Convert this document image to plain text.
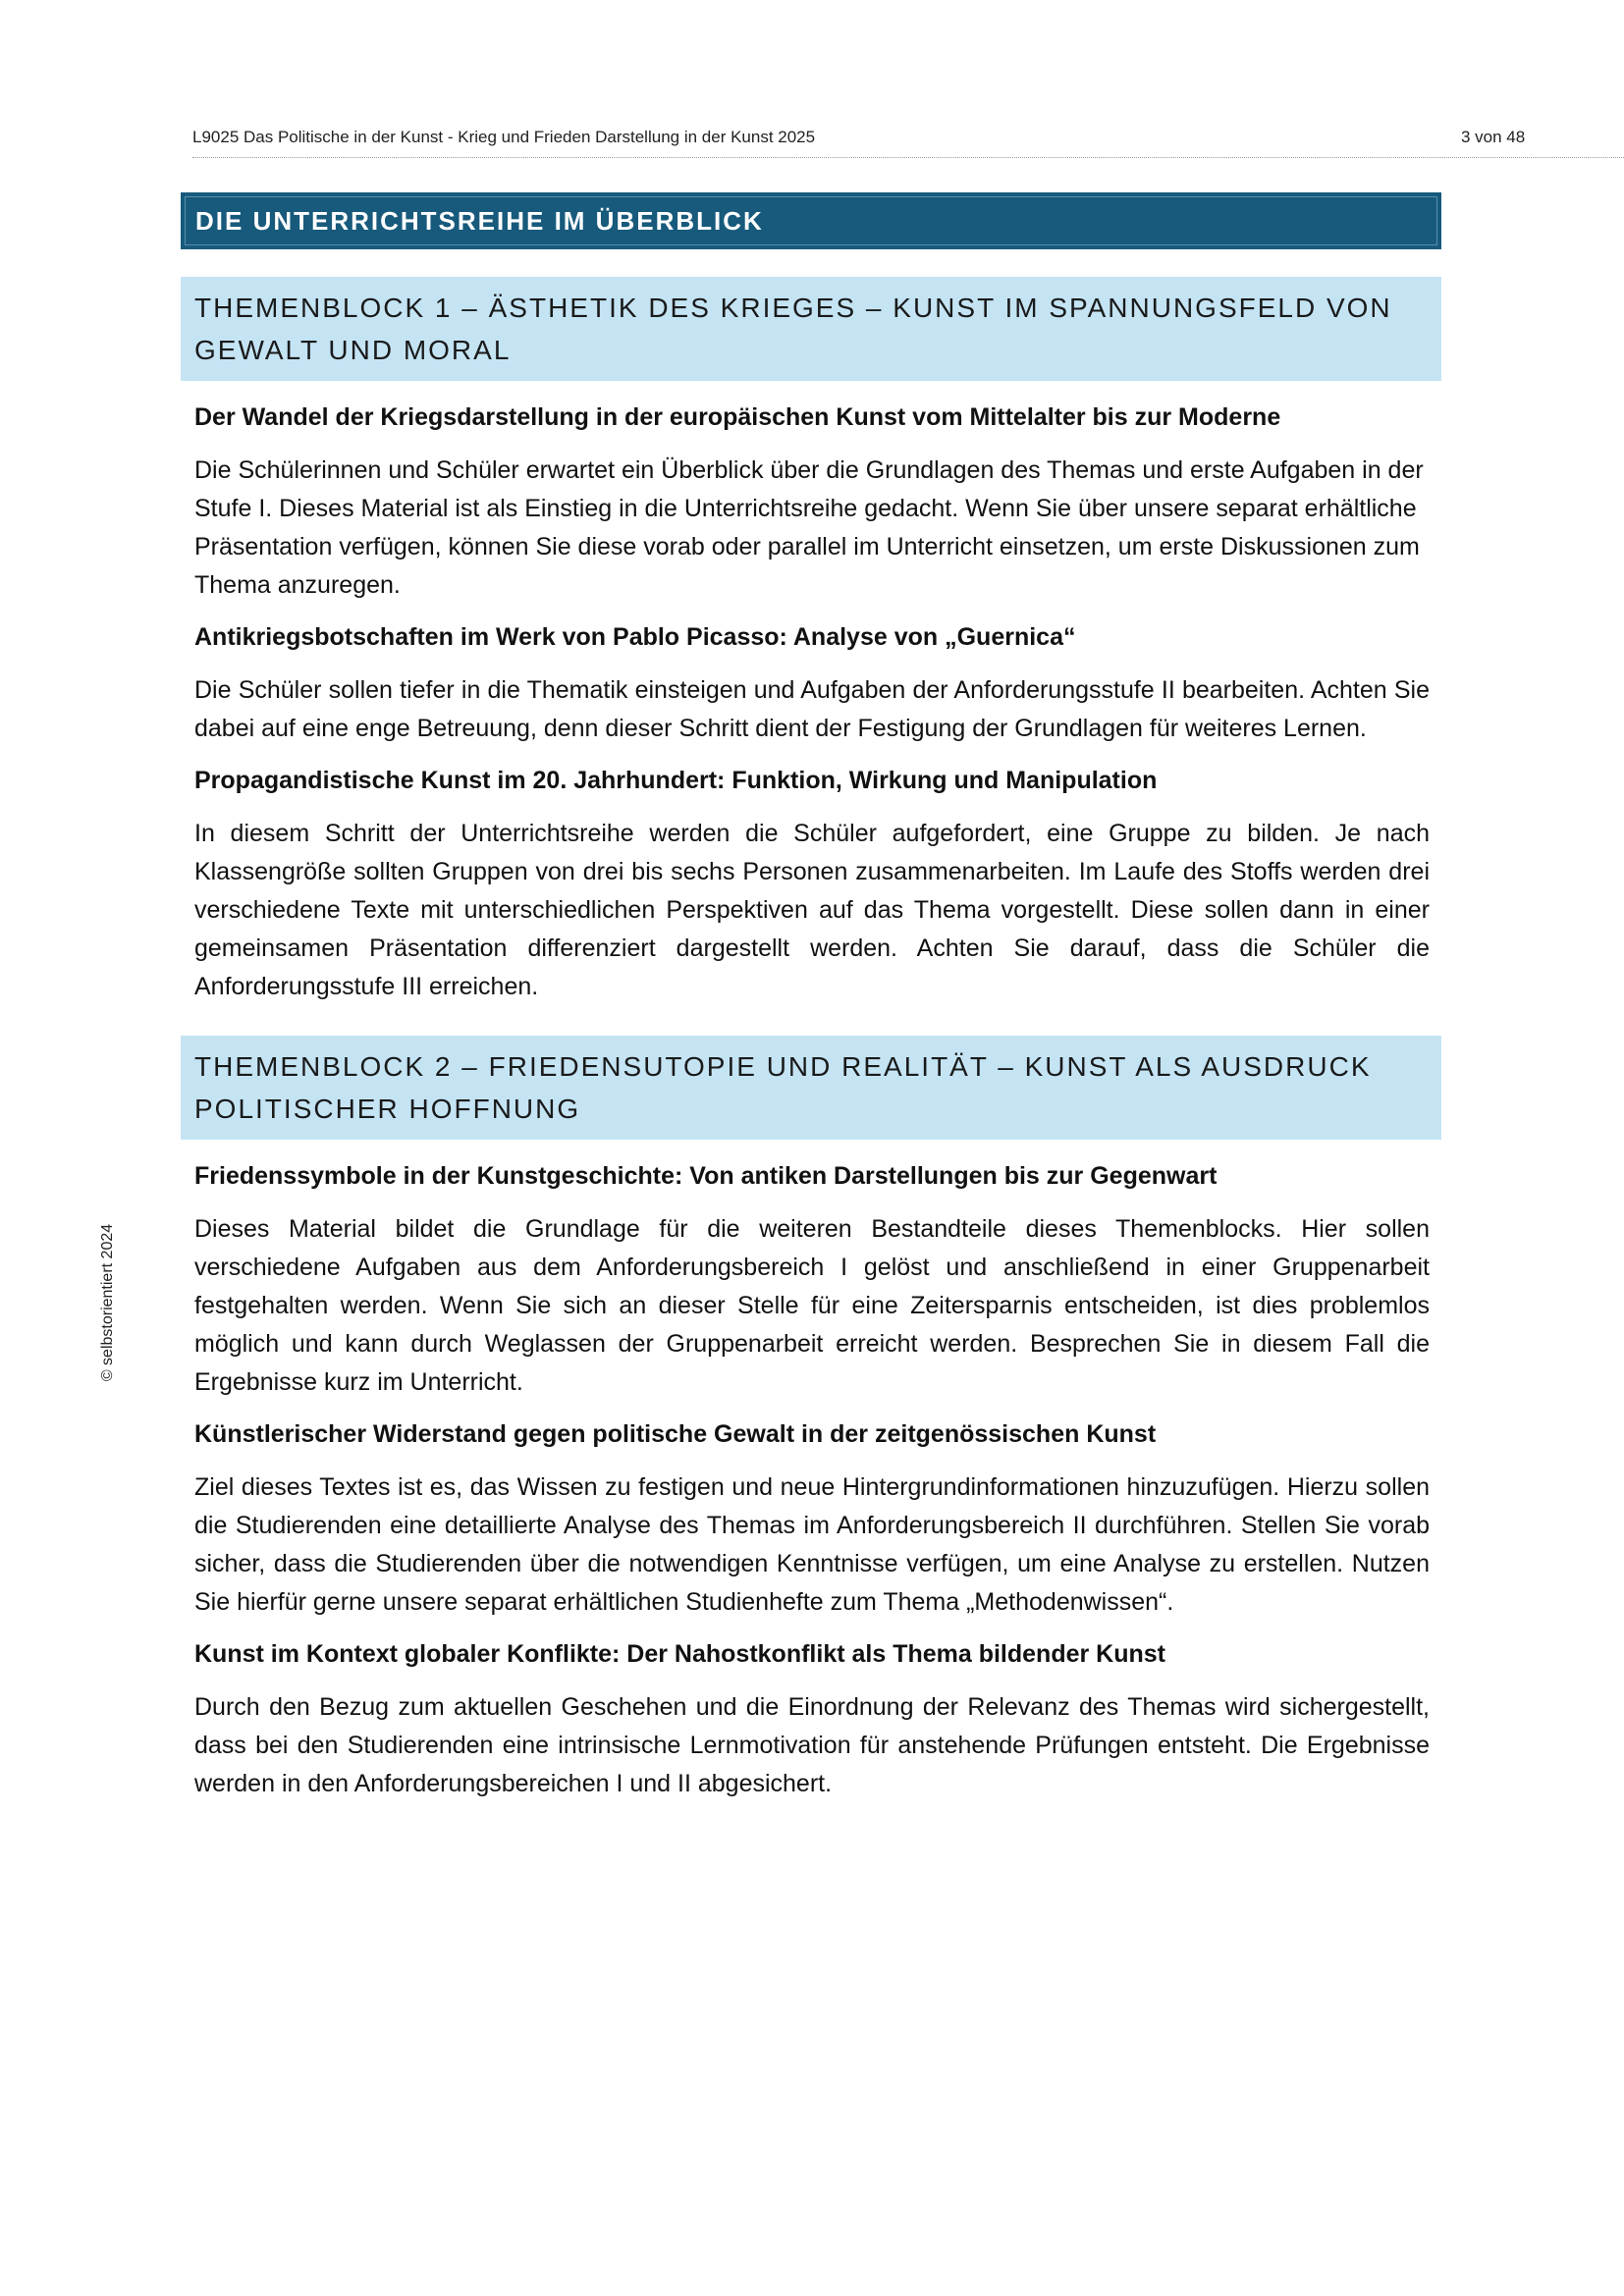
L9025 Das Politische in der Kunst - Krieg und Frieden Darstellung in der Kunst 2025	3 von 48
© selbstorientiert 2024
DIE UNTERRICHTSREIHE IM ÜBERBLICK
THEMENBLOCK 1 – ÄSTHETIK DES KRIEGES – KUNST IM SPANNUNGSFELD VON GEWALT UND MORAL
Der Wandel der Kriegsdarstellung in der europäischen Kunst vom Mittelalter bis zur Moderne
Die Schülerinnen und Schüler erwartet ein Überblick über die Grundlagen des Themas und erste Aufgaben in der Stufe I. Dieses Material ist als Einstieg in die Unterrichtsreihe gedacht. Wenn Sie über unsere separat erhältliche Präsentation verfügen, können Sie diese vorab oder parallel im Unterricht einsetzen, um erste Diskussionen zum Thema anzuregen.
Antikriegsbotschaften im Werk von Pablo Picasso: Analyse von „Guernica“
Die Schüler sollen tiefer in die Thematik einsteigen und Aufgaben der Anforderungsstufe II bearbeiten. Achten Sie dabei auf eine enge Betreuung, denn dieser Schritt dient der Festigung der Grundlagen für weiteres Lernen.
Propagandistische Kunst im 20. Jahrhundert: Funktion, Wirkung und Manipulation
In diesem Schritt der Unterrichtsreihe werden die Schüler aufgefordert, eine Gruppe zu bilden. Je nach Klassengröße sollten Gruppen von drei bis sechs Personen zusammenarbeiten. Im Laufe des Stoffs werden drei verschiedene Texte mit unterschiedlichen Perspektiven auf das Thema vorgestellt. Diese sollen dann in einer gemeinsamen Präsentation differenziert dargestellt werden. Achten Sie darauf, dass die Schüler die Anforderungsstufe III erreichen.
THEMENBLOCK 2 – FRIEDENSUTOPIE UND REALITÄT – KUNST ALS AUSDRUCK POLITISCHER HOFFNUNG
Friedenssymbole in der Kunstgeschichte: Von antiken Darstellungen bis zur Gegenwart
Dieses Material bildet die Grundlage für die weiteren Bestandteile dieses Themenblocks. Hier sollen verschiedene Aufgaben aus dem Anforderungsbereich I gelöst und anschließend in einer Gruppenarbeit festgehalten werden. Wenn Sie sich an dieser Stelle für eine Zeitersparnis entscheiden, ist dies problemlos möglich und kann durch Weglassen der Gruppenarbeit erreicht werden. Besprechen Sie in diesem Fall die Ergebnisse kurz im Unterricht.
Künstlerischer Widerstand gegen politische Gewalt in der zeitgenössischen Kunst
Ziel dieses Textes ist es, das Wissen zu festigen und neue Hintergrundinformationen hinzuzufügen. Hierzu sollen die Studierenden eine detaillierte Analyse des Themas im Anforderungsbereich II durchführen. Stellen Sie vorab sicher, dass die Studierenden über die notwendigen Kenntnisse verfügen, um eine Analyse zu erstellen. Nutzen Sie hierfür gerne unsere separat erhältlichen Studienhefte zum Thema „Methodenwissen“.
Kunst im Kontext globaler Konflikte: Der Nahostkonflikt als Thema bildender Kunst
Durch den Bezug zum aktuellen Geschehen und die Einordnung der Relevanz des Themas wird sichergestellt, dass bei den Studierenden eine intrinsische Lernmotivation für anstehende Prüfungen entsteht. Die Ergebnisse werden in den Anforderungsbereichen I und II abgesichert.
